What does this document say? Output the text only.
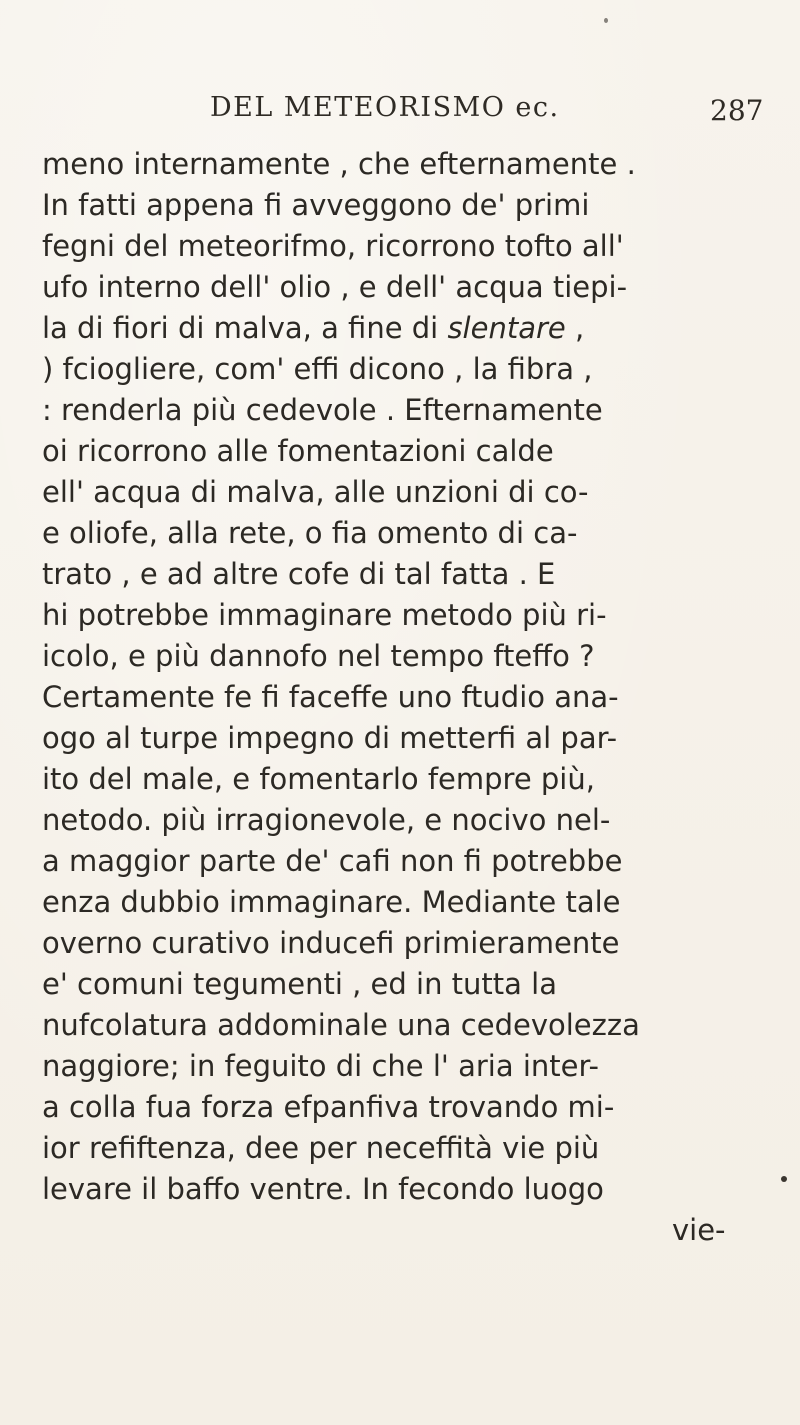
DEL METEORISMO ec.	287
meno internamente , che efternamente .
In fatti appena fi avveggono de' primi
fegni del meteorifmo, ricorrono tofto all'
ufo interno dell' olio , e dell' acqua tiepi-
la di fiori di malva, a fine di slentare ,
) fciogliere, com' effi dicono , la fibra ,
: renderla più cedevole . Efternamente
oi ricorrono alle fomentazioni calde
ell' acqua di malva, alle unzioni di co-
e oliofe, alla rete, o fia omento di ca-
trato , e ad altre cofe di tal fatta . E
hi potrebbe immaginare metodo più ri-
icolo, e più dannofo nel tempo fteffo ?
Certamente fe fi faceffe uno ftudio ana-
ogo al turpe impegno di metterfi al par-
ito del male, e fomentarlo fempre più,
netodo. più irragionevole, e nocivo nel-
a maggior parte de' cafi non fi potrebbe
enza dubbio immaginare. Mediante tale
overno curativo inducefi primieramente
e' comuni tegumenti , ed in tutta la
nufcolatura addominale una cedevolezza
naggiore; in feguito di che l' aria inter-
a colla fua forza efpanfiva trovando mi-
ior refiftenza, dee per neceffità vie più
levare il baffo ventre. In fecondo luogo
vie-
